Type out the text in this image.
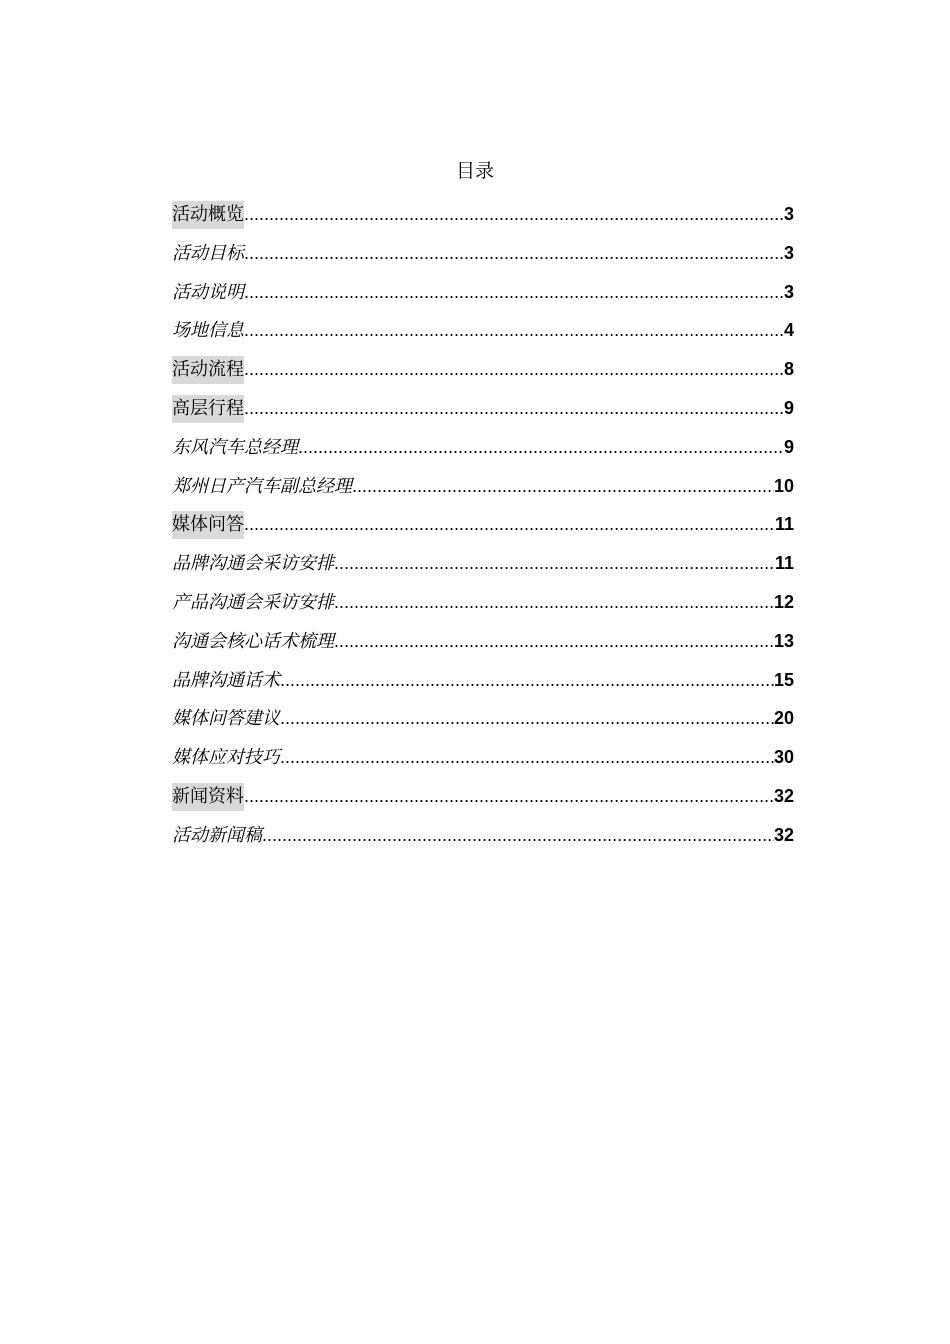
目录
活动概览 .....	3
活动目标 .....	3
活动说明 .....	3
场地信息 .....	4
活动流程 .....	8
高层行程 .....	9
东风汽车总经理 .....	9
郑州日产汽车副总经理 .....	10
媒体问答 .....	11
品牌沟通会采访安排 .....	11
产品沟通会采访安排 .....	12
沟通会核心话术梳理 .....	13
品牌沟通话术 .....	15
媒体问答建议 .....	20
媒体应对技巧 .....	30
新闻资料 .....	32
活动新闻稿 .....	32
